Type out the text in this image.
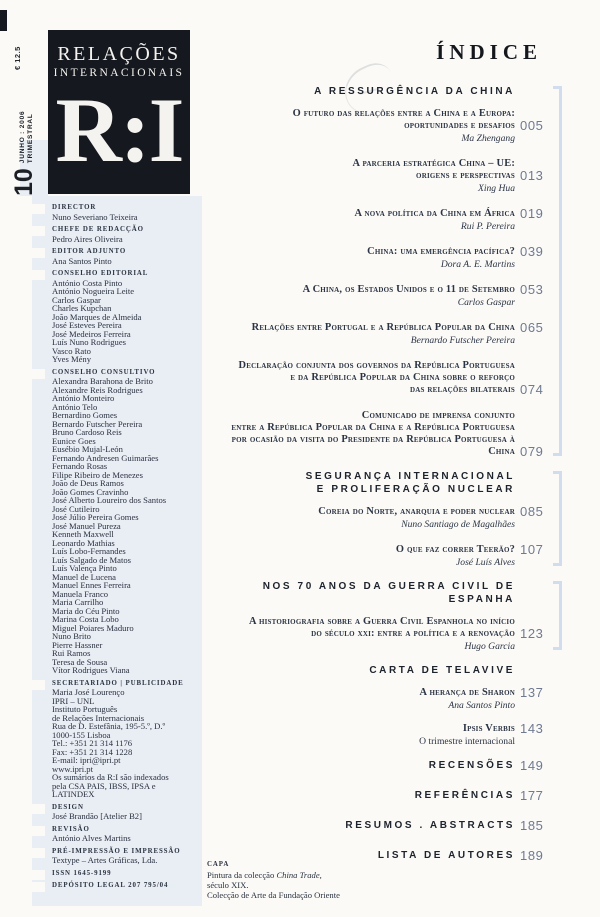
€ 12.5
10
JUNHO : 2006 TRIMESTRAL
RELAÇÕES
INTERNACIONAIS
R:I
DIRECTOR
Nuno Severiano Teixeira
CHEFE DE REDACÇÃO
Pedro Aires Oliveira
EDITOR ADJUNTO
Ana Santos Pinto
CONSELHO EDITORIAL
António Costa Pinto
António Nogueira Leite
Carlos Gaspar
Charles Kupchan
João Marques de Almeida
José Esteves Pereira
José Medeiros Ferreira
Luís Nuno Rodrigues
Vasco Rato
Yves Mény
CONSELHO CONSULTIVO
Alexandra Barahona de Brito
Alexandre Reis Rodrigues
António Monteiro
António Telo
Bernardino Gomes
Bernardo Futscher Pereira
Bruno Cardoso Reis
Eunice Goes
Eusébio Mujal-León
Fernando Andresen Guimarães
Fernando Rosas
Filipe Ribeiro de Menezes
João de Deus Ramos
João Gomes Cravinho
José Alberto Loureiro dos Santos
José Cutileiro
José Júlio Pereira Gomes
José Manuel Pureza
Kenneth Maxwell
Leonardo Mathias
Luís Lobo-Fernandes
Luís Salgado de Matos
Luís Valença Pinto
Manuel de Lucena
Manuel Ennes Ferreira
Manuela Franco
Maria Carrilho
Maria do Céu Pinto
Marina Costa Lobo
Miguel Poiares Maduro
Nuno Brito
Pierre Hassner
Rui Ramos
Teresa de Sousa
Vítor Rodrigues Viana
SECRETARIADO | PUBLICIDADE
Maria José Lourenço
IPRI – UNL
Instituto Português
de Relações Internacionais
Rua de D. Estefânia, 195-5.º, D.º
1000-155 Lisboa
Tel.: +351 21 314 1176
Fax: +351 21 314 1228
E-mail: ipri@ipri.pt
www.ipri.pt
Os sumários da R:I são indexados
pela CSA PAIS, IBSS, IPSA e LATINDEX
DESIGN
José Brandão [Atelier B2]
REVISÃO
António Alves Martins
PRÉ-IMPRESSÃO E IMPRESSÃO
Textype – Artes Gráficas, Lda.
ISSN 1645-9199
DEPÓSITO LEGAL 207 795/04
ÍNDICE
A RESSURGÊNCIA DA CHINA
O futuro das relações entre a China e a Europa:
oportunidades e desafios 005
Ma Zhengang
A parceria estratégica China – UE:
origens e perspectivas 013
Xing Hua
A nova política da China em África 019
Rui P. Pereira
China: uma emergência pacífica? 039
Dora A. E. Martins
A China, os Estados Unidos e o 11 de Setembro 053
Carlos Gaspar
Relações entre Portugal e a República Popular da China 065
Bernardo Futscher Pereira
Declaração conjunta dos governos da República Portuguesa
e da República Popular da China sobre o reforço
das relações bilaterais 074
Comunicado de imprensa conjunto
entre a República Popular da China e a República Portuguesa
por ocasião da visita do Presidente da República Portuguesa à China 079
SEGURANÇA INTERNACIONAL
E PROLIFERAÇÃO NUCLEAR
Coreia do Norte, anarquia e poder nuclear 085
Nuno Santiago de Magalhães
O que faz correr Teerão? 107
José Luís Alves
NOS 70 ANOS DA GUERRA CIVIL DE ESPANHA
A historiografia sobre a Guerra Civil Espanhola no início
do século xxi: entre a política e a renovação 123
Hugo Garcia
CARTA DE TELAVIVE
A herança de Sharon 137
Ana Santos Pinto
Ipsis Verbis 143
O trimestre internacional
RECENSÕES 149
REFERÊNCIAS 177
RESUMOS . ABSTRACTS 185
LISTA DE AUTORES 189
CAPA
Pintura da colecção China Trade,
século XIX.
Colecção de Arte da Fundação Oriente
